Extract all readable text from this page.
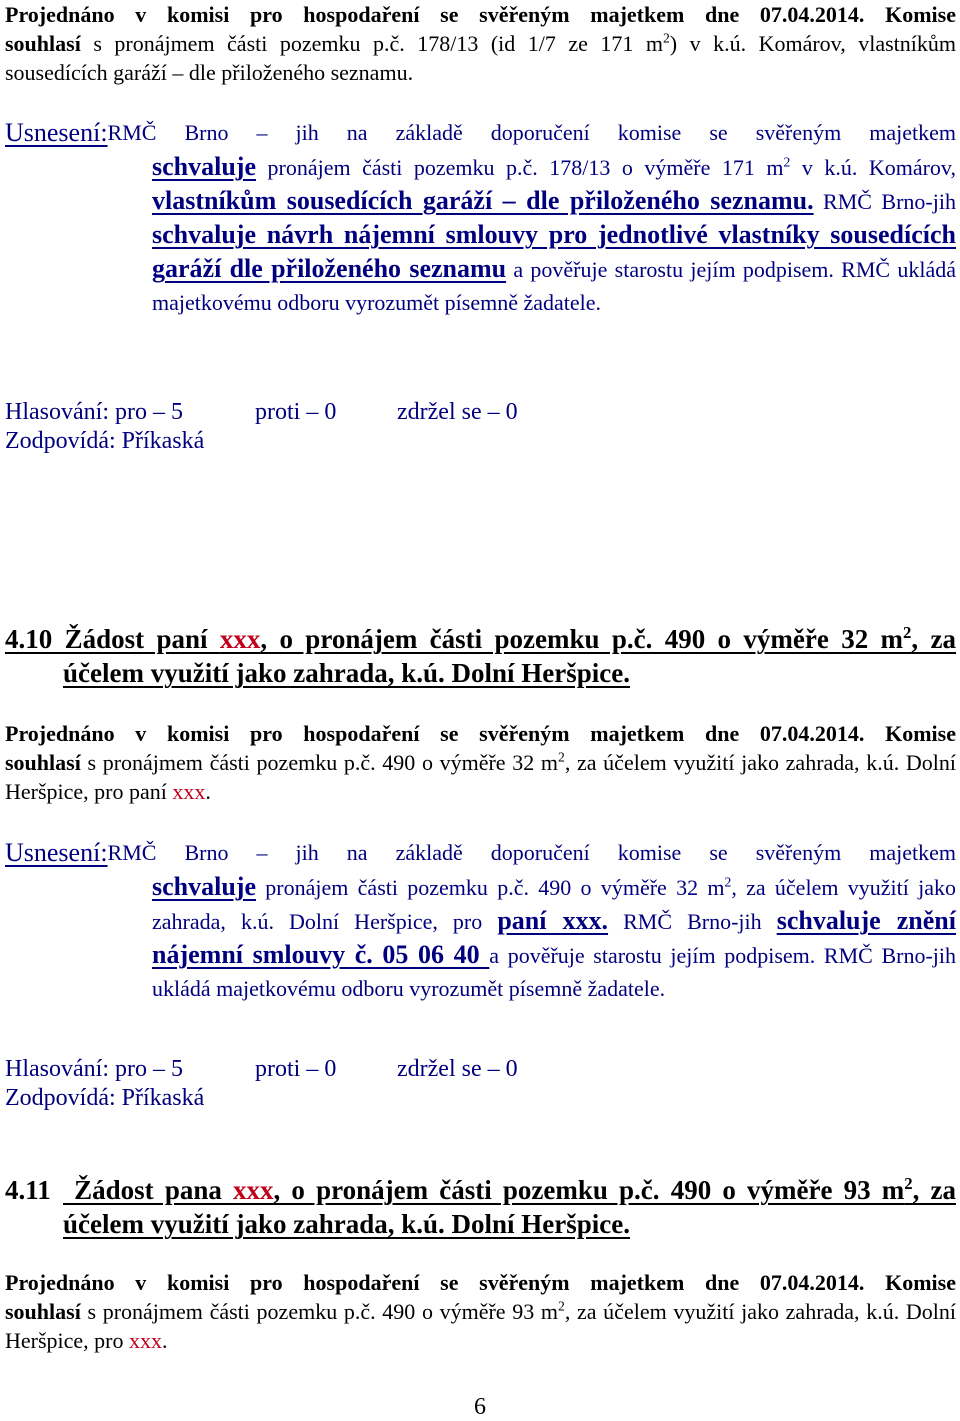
Projednáno v komisi pro hospodaření se svěřeným majetkem dne 07.04.2014. Komise

souhlasí s pronájmem části pozemku p.č. 178/13 (id 1/7 ze 171 $m^2$) v k.ú. Komárov, vlastníkům sousedících garáží – dle přiloženého seznamu.

Usnesení: RMČ Brno – jih na základě doporučení komise se svěřeným majetkem
schvaluje pronájem části pozemku p.č. 178/13 o výměře 171 $m^2$ v k.ú. Komárov, vlastníkům sousedících garáží – dle přiloženého seznamu. RMČ Brno-jih schvaluje návrh nájemní smlouvy pro jednotlivé vlastníky sousedících garáží dle přiloženého seznamu a pověřuje starostu jejím podpisem. RMČ ukládá majetkovému odboru vyrozumět písemně žadatele.
Hlasování: pro – 5	proti – 0	zdržel se – 0
Zodpovídá: Příkaská
4.10 Žádost paní xxx, o pronájem části pozemku p.č. 490 o výměře 32 $m^2$, za účelem využití jako zahrada, k.ú. Dolní Heršpice.

Projednáno v komisi pro hospodaření se svěřeným majetkem dne 07.04.2014. Komise

souhlasí s pronájmem části pozemku p.č. 490 o výměře 32 $m^2$, za účelem využití jako zahrada, k.ú. Dolní Heršpice, pro paní xxx.

Usnesení: RMČ Brno – jih na základě doporučení komise se svěřeným majetkem
schvaluje pronájem části pozemku p.č. 490 o výměře 32 $m^2$, za účelem využití jako zahrada, k.ú. Dolní Heršpice, pro paní xxx. RMČ Brno-jih schvaluje znění nájemní smlouvy č. 05 06 40 a pověřuje starostu jejím podpisem. RMČ Brno-jih ukládá majetkovému odboru vyrozumět písemně žadatele.
Hlasování: pro – 5	proti – 0	zdržel se – 0
Zodpovídá: Příkaská
4.11 Žádost pana xxx, o pronájem části pozemku p.č. 490 o výměře 93 $m^2$, za účelem využití jako zahrada, k.ú. Dolní Heršpice.

Projednáno v komisi pro hospodaření se svěřeným majetkem dne 07.04.2014. Komise

souhlasí s pronájmem části pozemku p.č. 490 o výměře 93 $m^2$, za účelem využití jako zahrada, k.ú. Dolní Heršpice, pro xxx.

6
